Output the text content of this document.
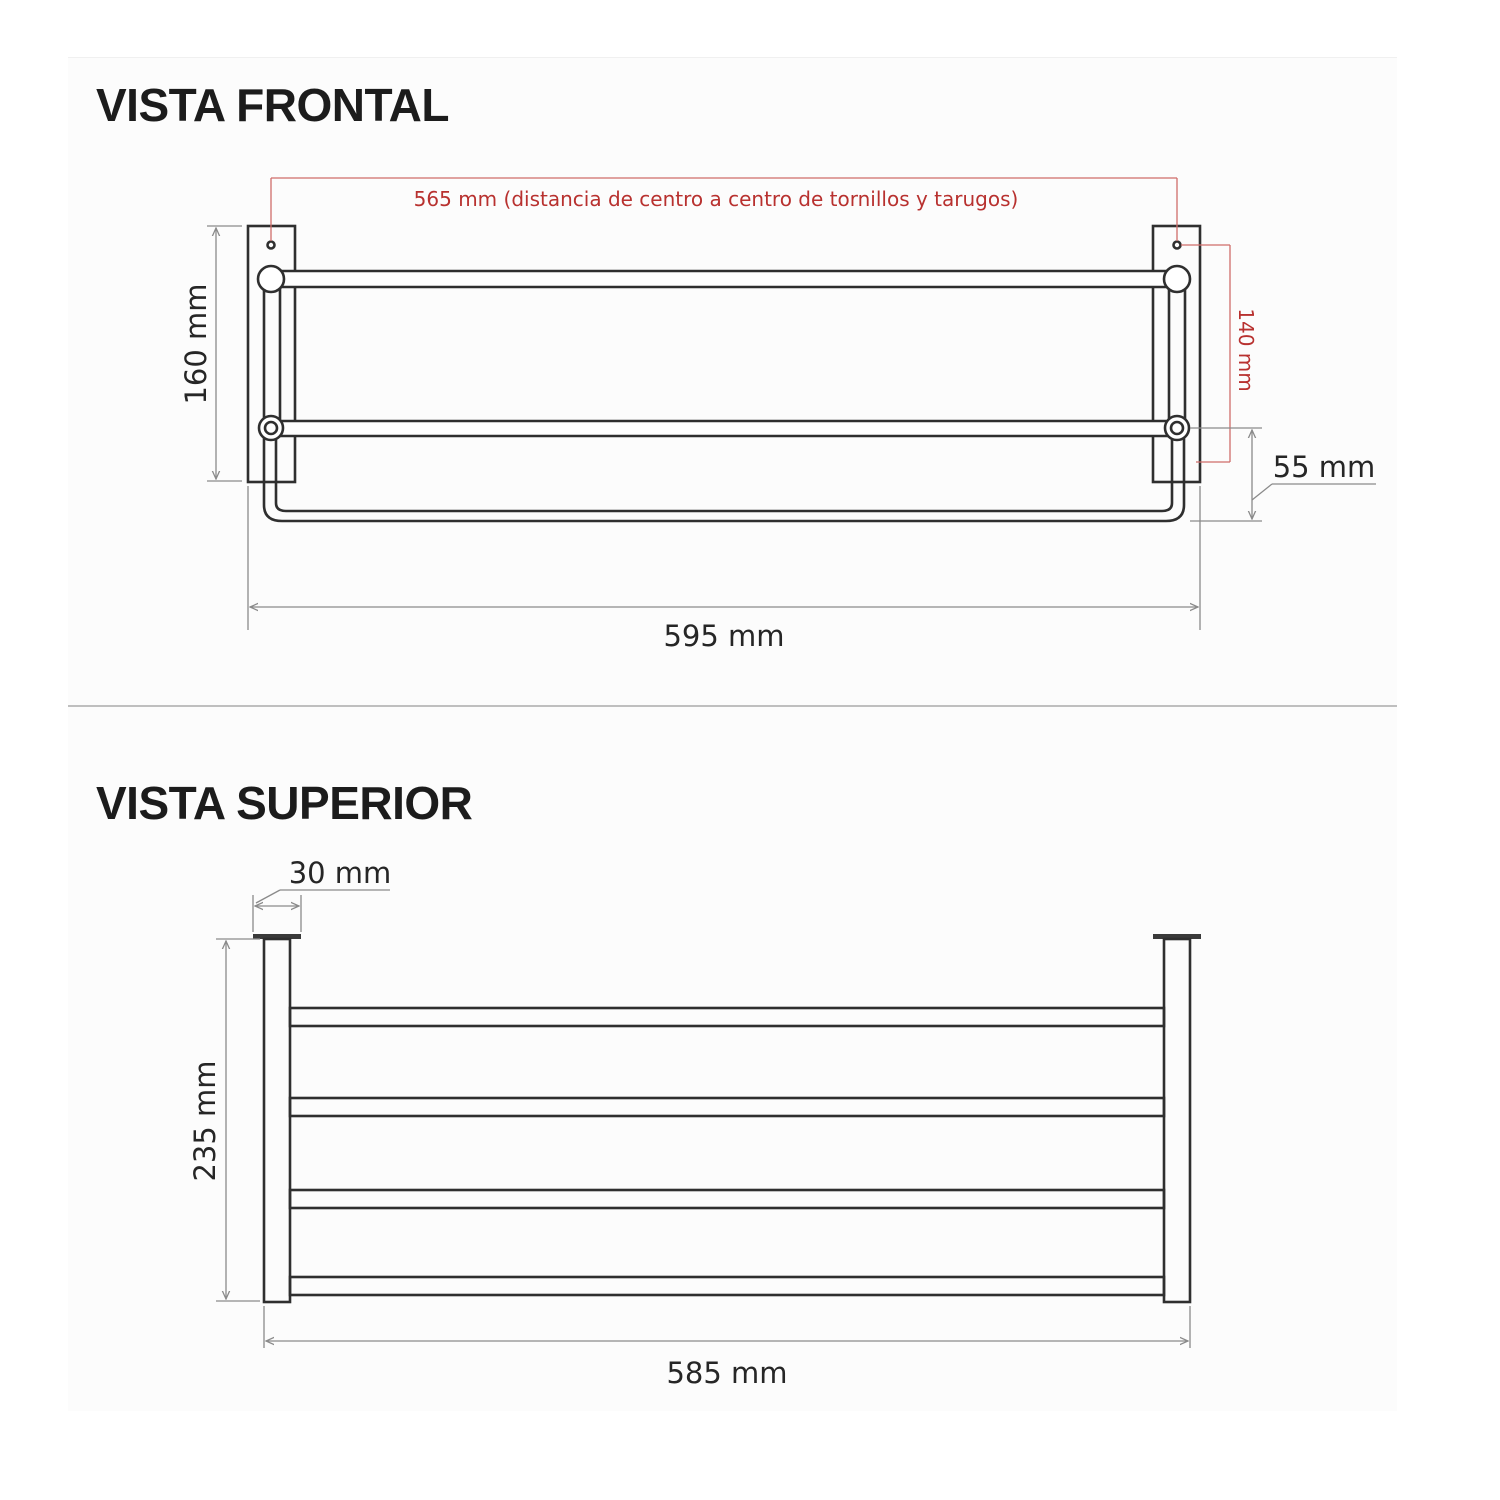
VISTA FRONTAL
565 mm (distancia de centro a centro de tornillos y tarugos)
140 mm
160 mm
55 mm
595 mm
VISTA SUPERIOR
30 mm
235 mm
585 mm
